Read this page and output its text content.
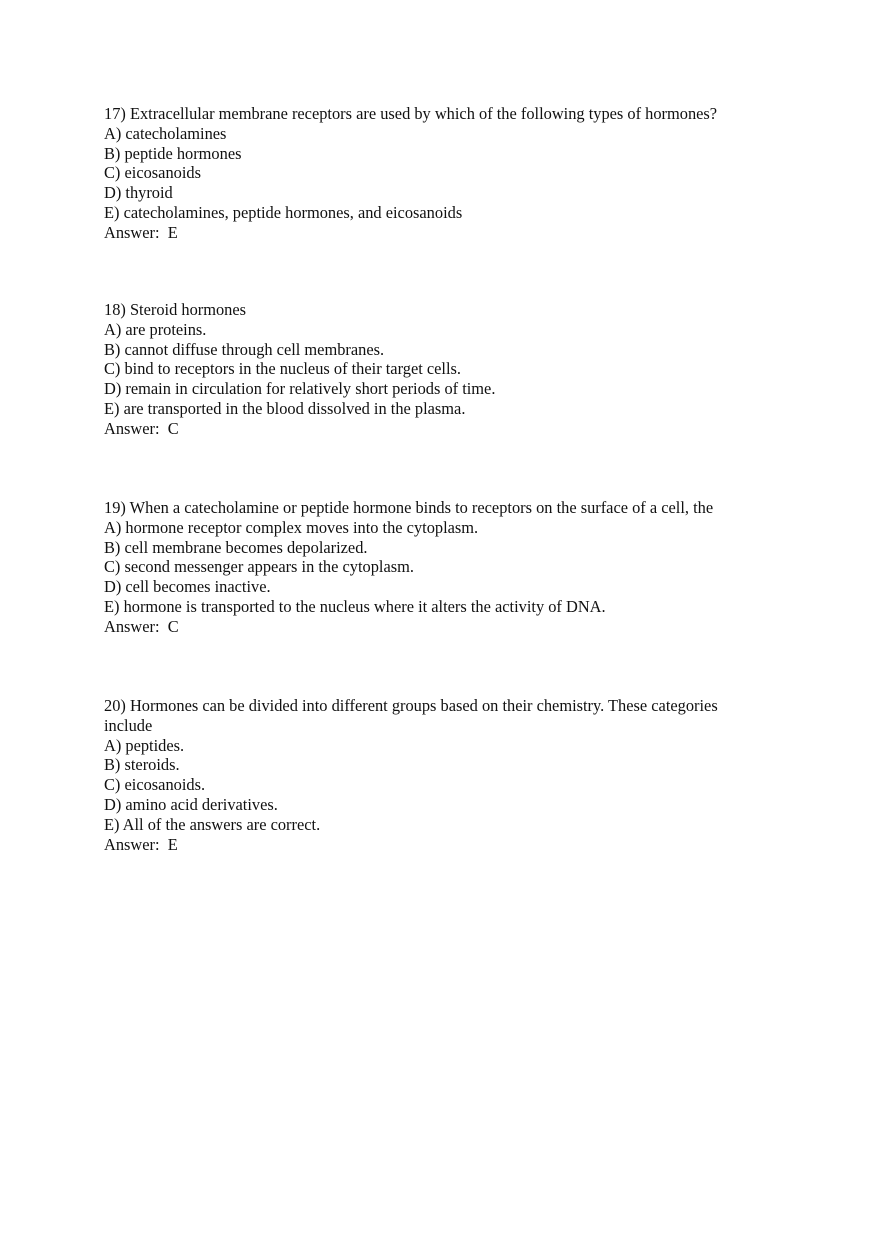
17) Extracellular membrane receptors are used by which of the following types of hormones?
A) catecholamines
B) peptide hormones
C) eicosanoids
D) thyroid
E) catecholamines, peptide hormones, and eicosanoids
Answer:  E
18) Steroid hormones
A) are proteins.
B) cannot diffuse through cell membranes.
C) bind to receptors in the nucleus of their target cells.
D) remain in circulation for relatively short periods of time.
E) are transported in the blood dissolved in the plasma.
Answer:  C
19) When a catecholamine or peptide hormone binds to receptors on the surface of a cell, the
A) hormone receptor complex moves into the cytoplasm.
B) cell membrane becomes depolarized.
C) second messenger appears in the cytoplasm.
D) cell becomes inactive.
E) hormone is transported to the nucleus where it alters the activity of DNA.
Answer:  C
20) Hormones can be divided into different groups based on their chemistry. These categories
include
A) peptides.
B) steroids.
C) eicosanoids.
D) amino acid derivatives.
E) All of the answers are correct.
Answer:  E
